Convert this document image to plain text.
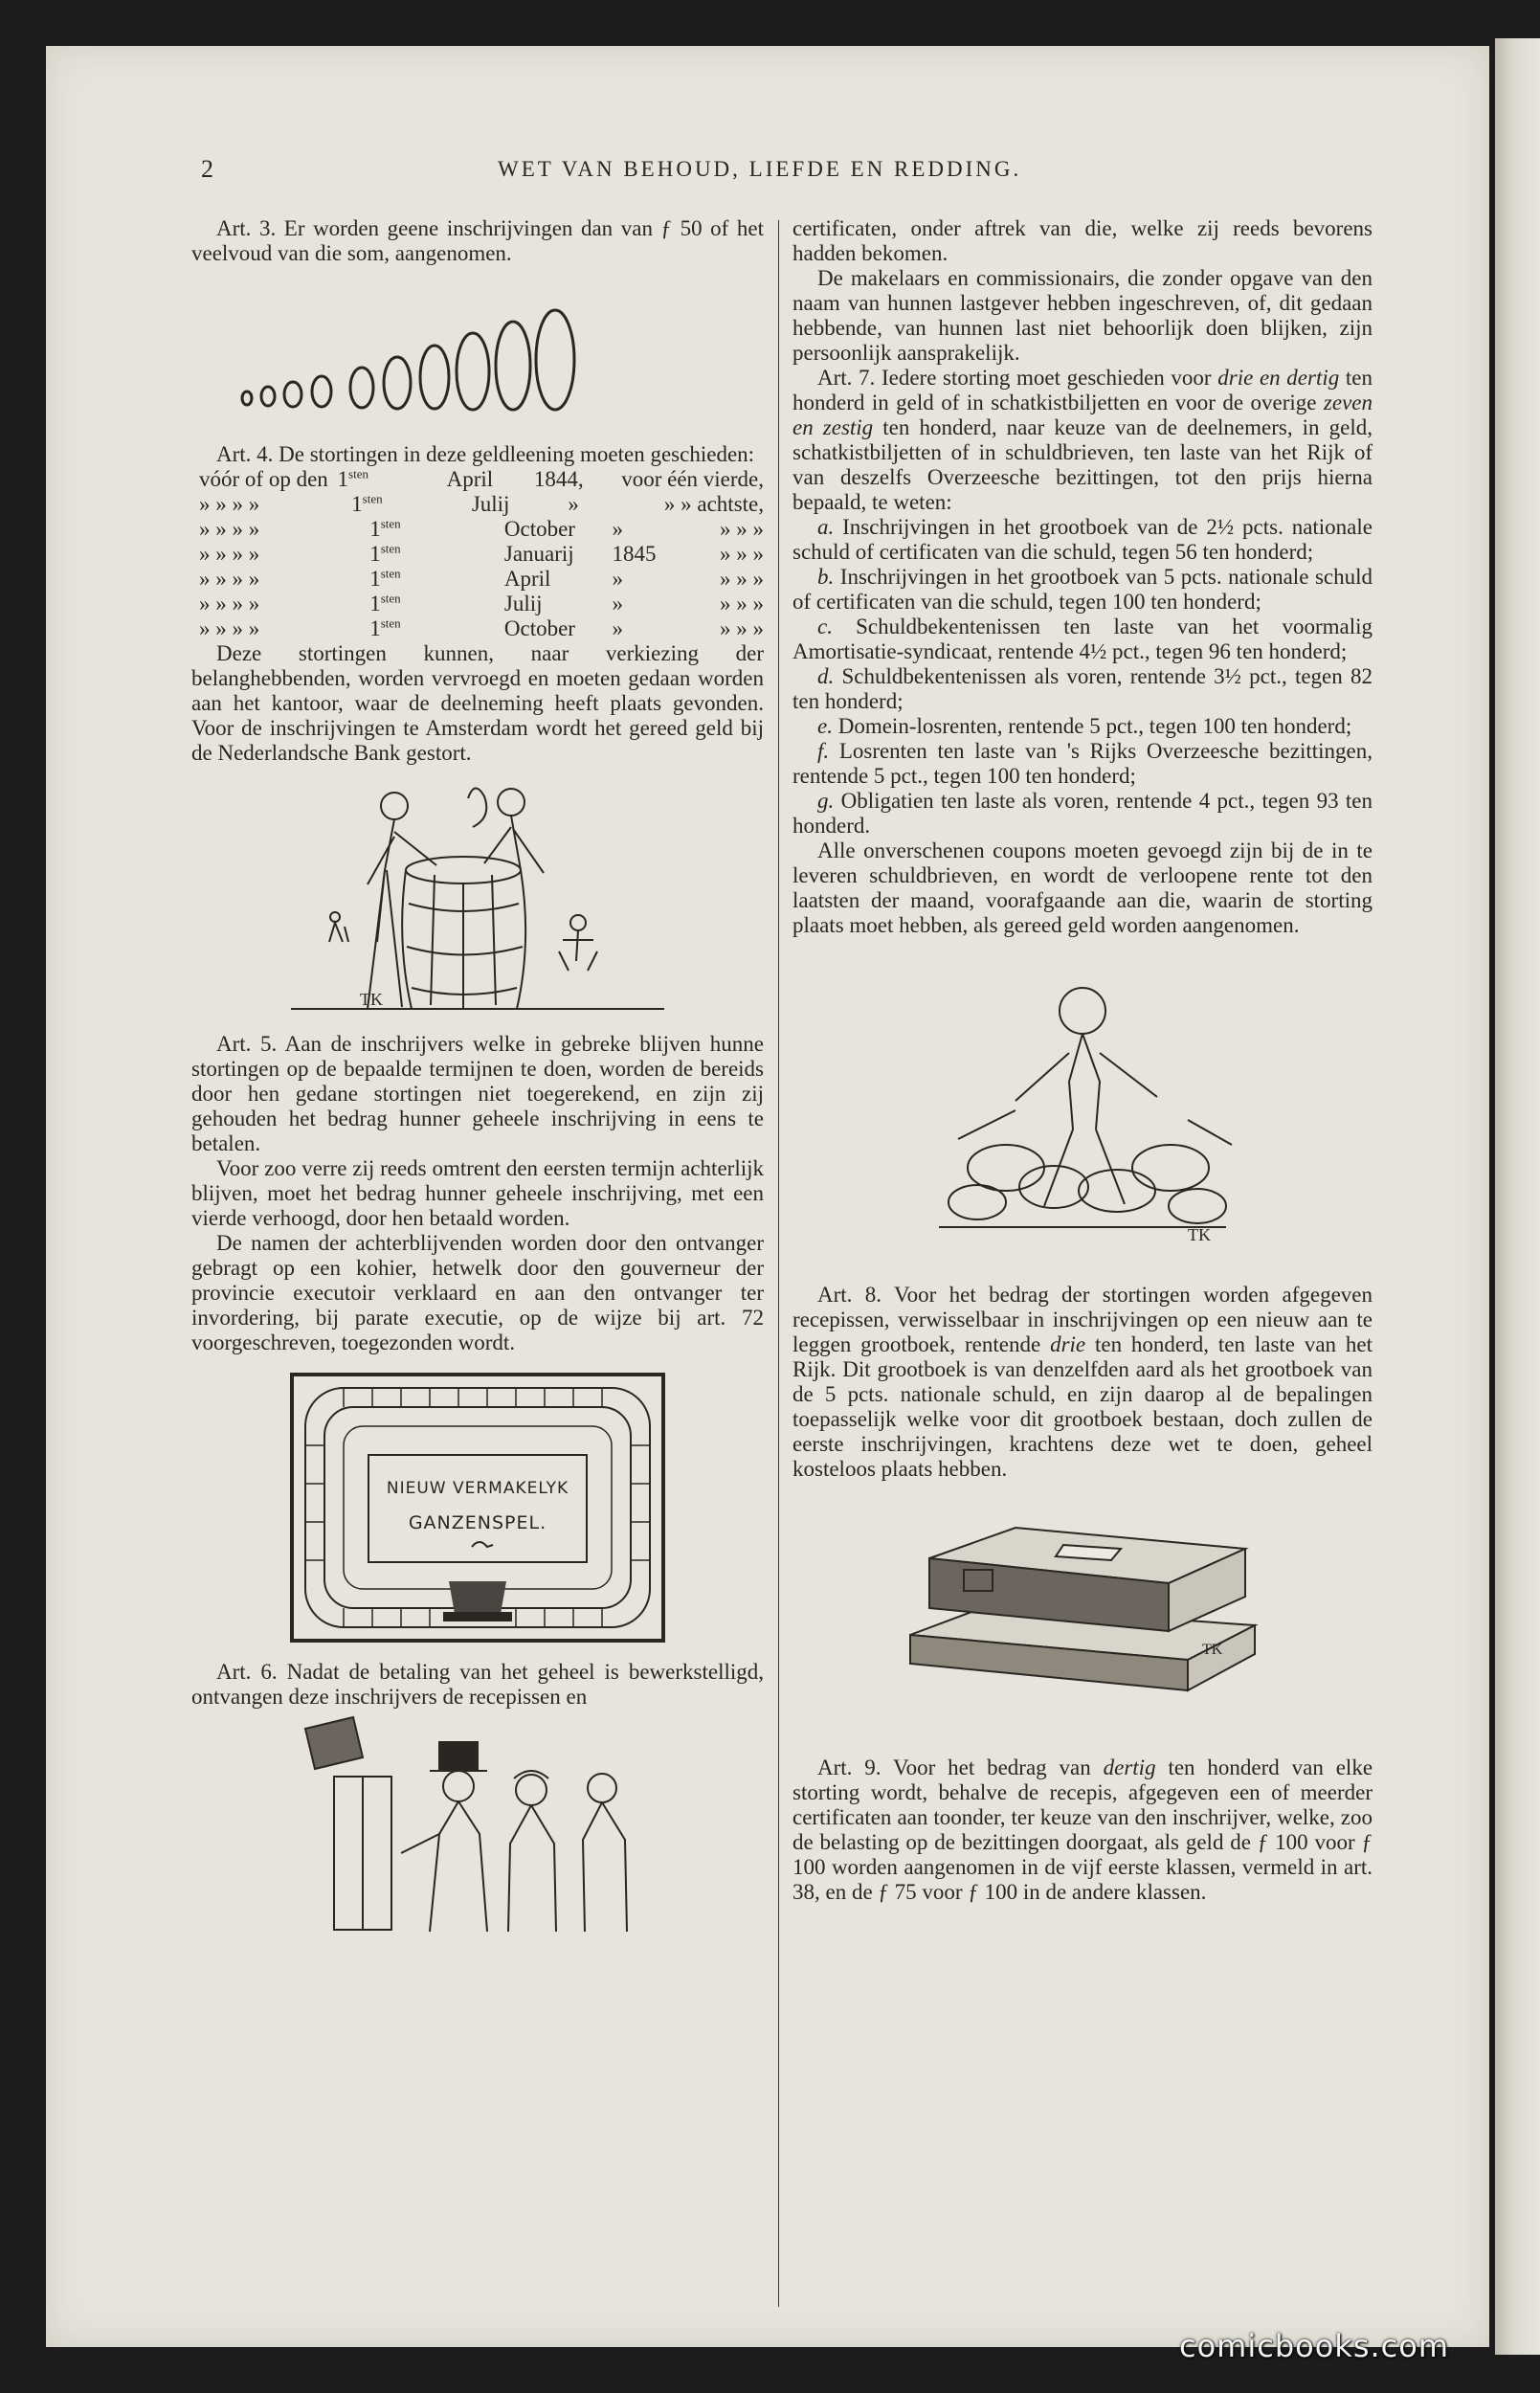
2	WET VAN BEHOUD, LIEFDE EN REDDING.

Art. 3. Er worden geene inschrijvingen dan van ƒ 50 of het veelvoud van die som, aangenomen.

Art. 4. De stortingen in deze geldleening moeten geschieden:

vóór of op den $1^{sten}$	April	1844,	voor één vierde,
» » » »	$1^{sten}$	Julij	»	» » achtste,
» » » »	$1^{sten}$	October	»	» » »
» » » »	$1^{sten}$	Januarij	1845	» » »
» » » »	$1^{sten}$	April	»	» » »
» » » »	$1^{sten}$	Julij	»	» » »
» » » »	$1^{sten}$	October	»	» » »

Deze stortingen kunnen, naar verkiezing der belanghebbenden, worden vervroegd en moeten gedaan worden aan het kantoor, waar de deelneming heeft plaats gevonden. Voor de inschrijvingen te Amsterdam wordt het gereed geld bij de Nederlandsche Bank gestort.

TK

Art. 5. Aan de inschrijvers welke in gebreke blijven hunne stortingen op de bepaalde termijnen te doen, worden de bereids door hen gedane stortingen niet toegerekend, en zijn zij gehouden het bedrag hunner geheele inschrijving in eens te betalen.

Voor zoo verre zij reeds omtrent den eersten termijn achterlijk blijven, moet het bedrag hunner geheele inschrijving, met een vierde verhoogd, door hen betaald worden.

De namen der achterblijvenden worden door den ontvanger gebragt op een kohier, hetwelk door den gouverneur der provincie executoir verklaard en aan den ontvanger ter invordering, bij parate executie, op de wijze bij art. 72 voorgeschreven, toegezonden wordt.

NIEUW VERMAKELYK
GANZENSPEL.

Art. 6. Nadat de betaling van het geheel is bewerkstelligd, ontvangen deze inschrijvers de recepissen en

certificaten, onder aftrek van die, welke zij reeds bevorens hadden bekomen.

De makelaars en commissionairs, die zonder opgave van den naam van hunnen lastgever hebben ingeschreven, of, dit gedaan hebbende, van hunnen last niet behoorlijk doen blijken, zijn persoonlijk aansprakelijk.

Art. 7. Iedere storting moet geschieden voor drie en dertig ten honderd in geld of in schatkistbiljetten en voor de overige zeven en zestig ten honderd, naar keuze van de deelnemers, in geld, schatkistbiljetten of in schuldbrieven, ten laste van het Rijk of van deszelfs Overzeesche bezittingen, tot den prijs hierna bepaald, te weten:

a. Inschrijvingen in het grootboek van de 2½ pcts. nationale schuld of certificaten van die schuld, tegen 56 ten honderd;

b. Inschrijvingen in het grootboek van 5 pcts. nationale schuld of certificaten van die schuld, tegen 100 ten honderd;

c. Schuldbekentenissen ten laste van het voormalig Amortisatie-syndicaat, rentende 4½ pct., tegen 96 ten honderd;

d. Schuldbekentenissen als voren, rentende 3½ pct., tegen 82 ten honderd;

e. Domein-losrenten, rentende 5 pct., tegen 100 ten honderd;

f. Losrenten ten laste van 's Rijks Overzeesche bezittingen, rentende 5 pct., tegen 100 ten honderd;

g. Obligatien ten laste als voren, rentende 4 pct., tegen 93 ten honderd.

Alle onverschenen coupons moeten gevoegd zijn bij de in te leveren schuldbrieven, en wordt de verloopene rente tot den laatsten der maand, voorafgaande aan die, waarin de storting plaats moet hebben, als gereed geld worden aangenomen.

TK

Art. 8. Voor het bedrag der stortingen worden afgegeven recepissen, verwisselbaar in inschrijvingen op een nieuw aan te leggen grootboek, rentende drie ten honderd, ten laste van het Rijk. Dit grootboek is van denzelfden aard als het grootboek van de 5 pcts. nationale schuld, en zijn daarop al de bepalingen toepasselijk welke voor dit grootboek bestaan, doch zullen de eerste inschrijvingen, krachtens deze wet te doen, geheel kosteloos plaats hebben.

TK

Art. 9. Voor het bedrag van dertig ten honderd van elke storting wordt, behalve de recepis, afgegeven een of meerder certificaten aan toonder, ter keuze van den inschrijver, welke, zoo de belasting op de bezittingen doorgaat, als geld de ƒ 100 voor ƒ 100 worden aangenomen in de vijf eerste klassen, vermeld in art. 38, en de ƒ 75 voor ƒ 100 in de andere klassen.

comicbooks.com
